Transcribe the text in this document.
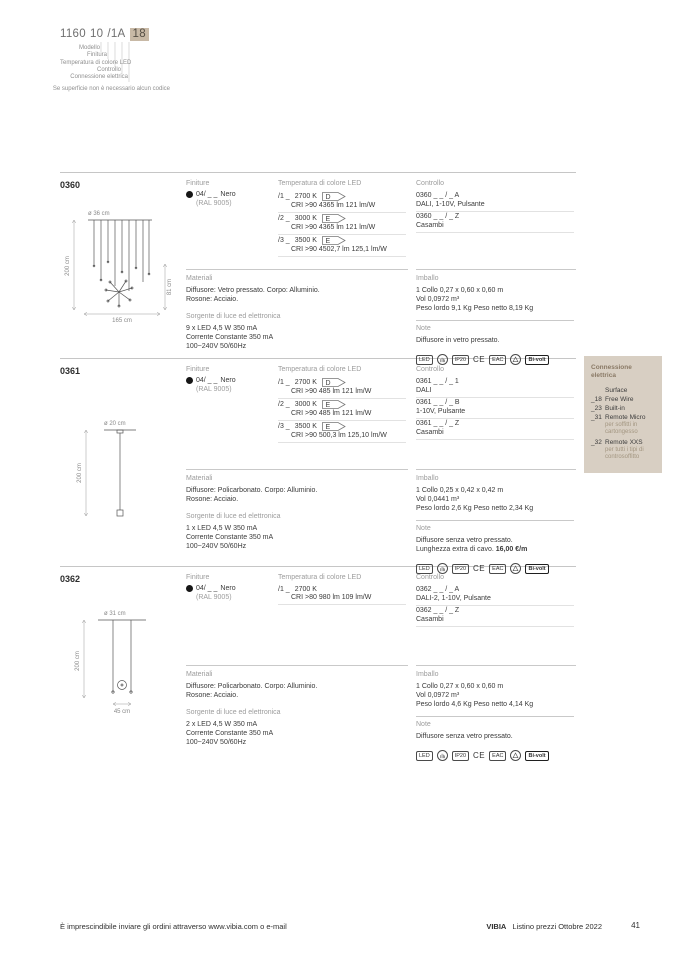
1160 10 /1A 18
Modello
Finitura
Temperatura di colore LED
Controllo
Connessione elettrica
Se superficie non è necessario alcun codice
0360
ø 36 cm
200 cm
81 cm
165 cm
Finiture
04/ _ _ Nero
(RAL 9005)
Temperatura di colore LED
/1 _ 2700 K D
CRI >90 4365 lm 121 lm/W
/2 _ 3000 K E
CRI >90 4365 lm 121 lm/W
/3 _ 3500 K E
CRI >90 4502,7 lm 125,1 lm/W
Controllo
0360 _ _ / _ A
DALI, 1-10V, Pulsante
0360 _ _ / _ Z
Casambi
Materiali
Diffusore: Vetro pressato. Corpo: Alluminio.
Rosone: Acciaio.
Sorgente di luce ed elettronica
9 x LED 4,5 W 350 mA
Corrente Constante 350 mA
100~240V 50/60Hz
Imballo
1 Collo 0,27 x 0,60 x 0,60 m
Vol 0,0972 m³
Peso lordo 9,1 Kg Peso netto 8,19 Kg
Note
Diffusore in vetro pressato.
LED	IP20 CE	EAC	Bi-volt
0361
ø 20 cm
200 cm
Finiture
04/ _ _ Nero
(RAL 9005)
Temperatura di colore LED
/1 _ 2700 K D
CRI >90 485 lm 121 lm/W
/2 _ 3000 K E
CRI >90 485 lm 121 lm/W
/3 _ 3500 K E
CRI >90 500,3 lm 125,10 lm/W
Controllo
0361 _ _ / _ 1
DALI
0361 _ _ / _ B
1-10V, Pulsante
0361 _ _ / _ Z
Casambi
Materiali
Diffusore: Policarbonato. Corpo: Alluminio.
Rosone: Acciaio.
Sorgente di luce ed elettronica
1 x LED 4,5 W 350 mA
Corrente Constante 350 mA
100~240V 50/60Hz
Imballo
1 Collo 0,25 x 0,42 x 0,42 m
Vol 0,0441 m³
Peso lordo 2,6 Kg Peso netto 2,34 Kg
Note
Diffusore senza vetro pressato.
Lunghezza extra di cavo. 16,00 €/m
LED	IP20 CE	EAC	Bi-volt
0362
ø 31 cm
200 cm
45 cm
Finiture
04/ _ _ Nero
(RAL 9005)
Temperatura di colore LED
/1 _ 2700 K
CRI >80 980 lm 109 lm/W
Controllo
0362 _ _ / _ A
DALI-2, 1-10V, Pulsante
0362 _ _ / _ Z
Casambi
Materiali
Diffusore: Policarbonato. Corpo: Alluminio.
Rosone: Acciaio.
Sorgente di luce ed elettronica
2 x LED 4,5 W 350 mA
Corrente Constante 350 mA
100~240V 50/60Hz
Imballo
1 Collo 0,27 x 0,60 x 0,60 m
Vol 0,0972 m³
Peso lordo 4,6 Kg Peso netto 4,14 Kg
Note
Diffusore senza vetro pressato.
LED	IP20 CE	EAC	Bi-volt
Connessione elettrica
Surface
_18 Free Wire
_23 Built-in
_31 Remote Micro
per soffitti in cartongesso
_32 Remote XXS
per tutti i tipi di controsoffitto
È imprescindibile inviare gli ordini attraverso www.vibia.com o e-mail	VIBIA Listino prezzi Ottobre 2022	41
